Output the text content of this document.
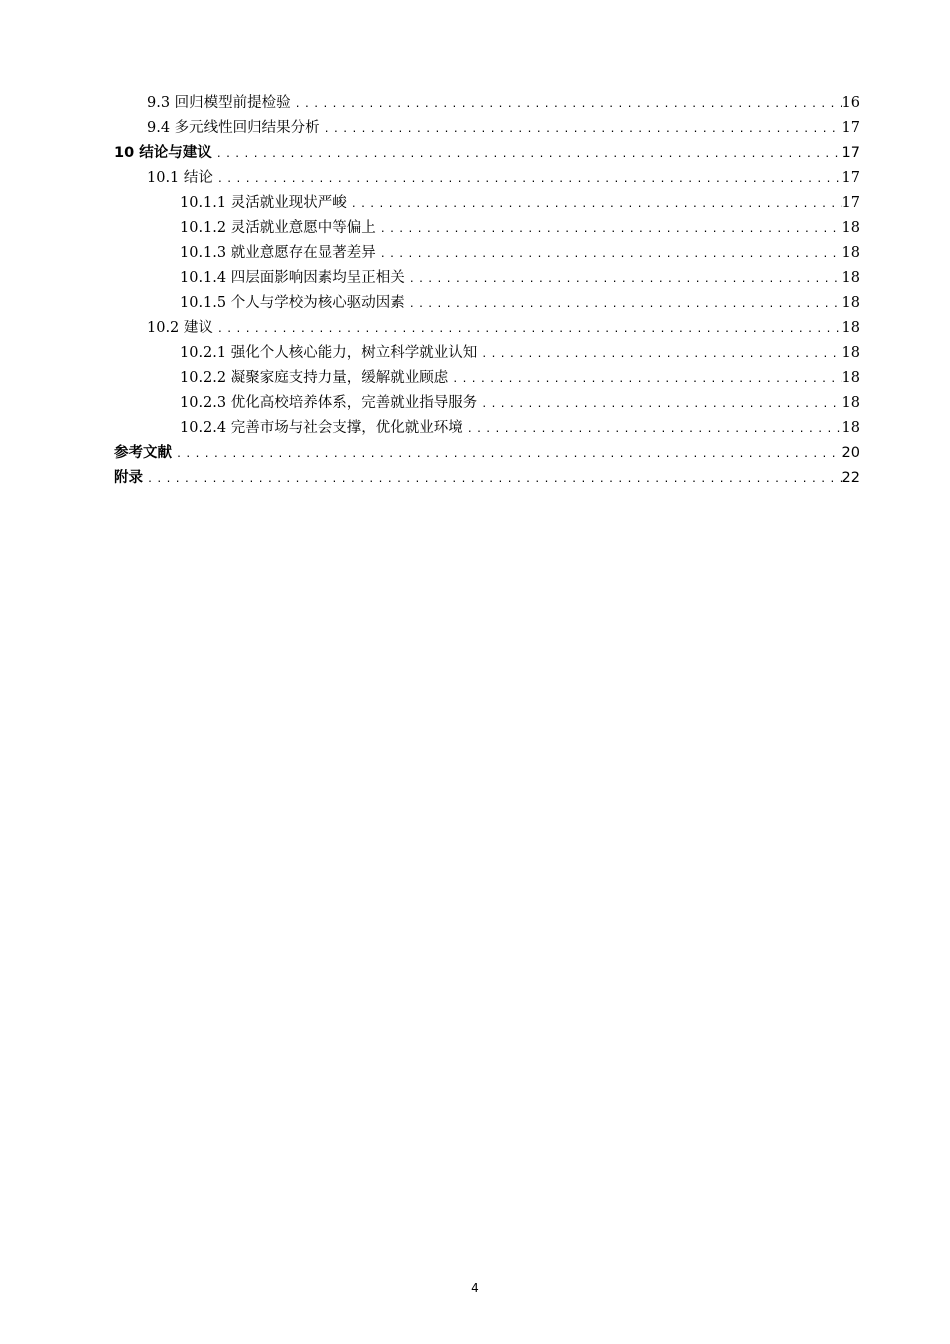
9.3 回归模型前提检验 .....	16
9.4 多元线性回归结果分析 .....	17
10 结论与建议 .....	17
10.1 结论 .....	17
10.1.1 灵活就业现状严峻 .....	17
10.1.2 灵活就业意愿中等偏上 .....	18
10.1.3 就业意愿存在显著差异 .....	18
10.1.4 四层面影响因素均呈正相关 .....	18
10.1.5 个人与学校为核心驱动因素 .....	18
10.2 建议 .....	18
10.2.1 强化个人核心能力，树立科学就业认知 .....	18
10.2.2 凝聚家庭支持力量，缓解就业顾虑 .....	18
10.2.3 优化高校培养体系，完善就业指导服务 .....	18
10.2.4 完善市场与社会支撑，优化就业环境 .....	18
参考文献 .....	20
附录 .....	22
4
